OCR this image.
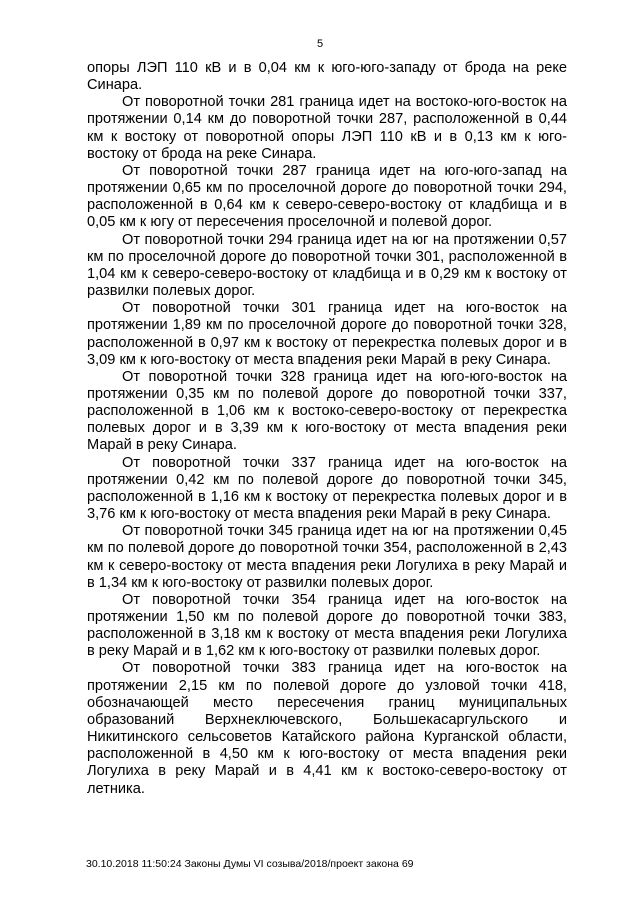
5

опоры ЛЭП 110 кВ и в 0,04 км к юго-юго-западу от брода на реке Синара.

От поворотной точки 281 граница идет на востоко-юго-восток на протяжении 0,14 км до поворотной точки 287, расположенной в 0,44 км к востоку от поворотной опоры ЛЭП 110 кВ и в 0,13 км к юго-востоку от брода на реке Синара.

От поворотной точки 287 граница идет на юго-юго-запад на протяжении 0,65 км по проселочной дороге до поворотной точки 294, расположенной в 0,64 км к северо-северо-востоку от кладбища и в 0,05 км к югу от пересечения проселочной и полевой дорог.

От поворотной точки 294 граница идет на юг на протяжении 0,57 км по проселочной дороге до поворотной точки 301, расположенной в 1,04 км к северо-северо-востоку от кладбища и в 0,29 км к востоку от развилки полевых дорог.

От поворотной точки 301 граница идет на юго-восток на протяжении 1,89 км по проселочной дороге до поворотной точки 328, расположенной в 0,97 км к востоку от перекрестка полевых дорог и в 3,09 км к юго-востоку от места впадения реки Марай в реку Синара.

От поворотной точки 328 граница идет на юго-юго-восток на протяжении 0,35 км по полевой дороге до поворотной точки 337, расположенной в 1,06 км к востоко-северо-востоку от перекрестка полевых дорог и в 3,39 км к юго-востоку от места впадения реки Марай в реку Синара.

От поворотной точки 337 граница идет на юго-восток на протяжении 0,42 км по полевой дороге до поворотной точки 345, расположенной в 1,16 км к востоку от перекрестка полевых дорог и в 3,76 км к юго-востоку от места впадения реки Марай в реку Синара.

От поворотной точки 345 граница идет на юг на протяжении 0,45 км по полевой дороге до поворотной точки 354, расположенной в 2,43 км к северо-востоку от места впадения реки Логулиха в реку Марай и в 1,34 км к юго-востоку от развилки полевых дорог.

От поворотной точки 354 граница идет на юго-восток на протяжении 1,50 км по полевой дороге до поворотной точки 383, расположенной в 3,18 км к востоку от места впадения реки Логулиха в реку Марай и в 1,62 км к юго-востоку от развилки полевых дорог.

От поворотной точки 383 граница идет на юго-восток на протяжении 2,15 км по полевой дороге до узловой точки 418, обозначающей место пересечения границ муниципальных образований Верхнеключевского, Большекасаргульского и Никитинского сельсоветов Катайского района Курганской области, расположенной в 4,50 км к юго-востоку от места впадения реки Логулиха в реку Марай и в 4,41 км к востоко-северо-востоку от летника.

30.10.2018 11:50:24 Законы Думы VI созыва/2018/проект закона 69
